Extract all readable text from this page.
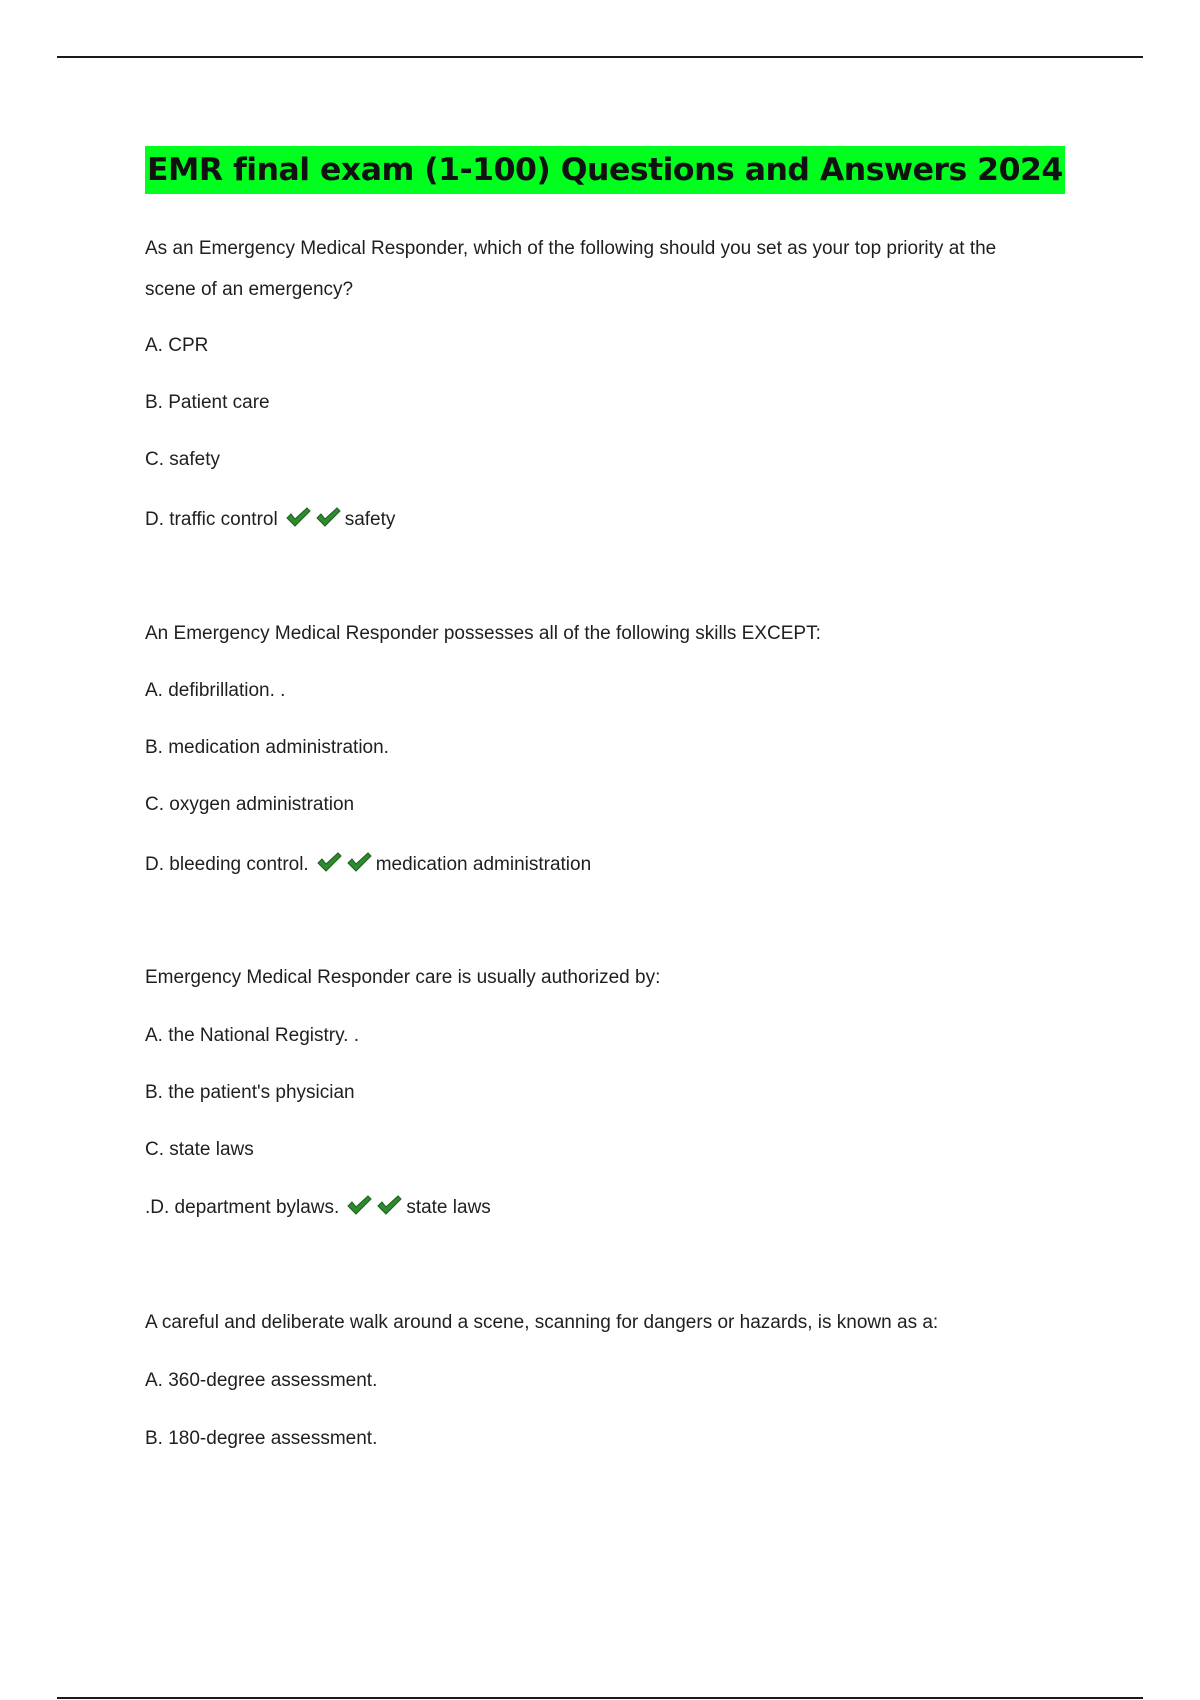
EMR final exam (1-100) Questions and Answers 2024
As an Emergency Medical Responder, which of the following should you set as your top priority at the
scene of an emergency?
A. CPR
B. Patient care
C. safety
D. traffic control	safety
An Emergency Medical Responder possesses all of the following skills EXCEPT:
A. defibrillation. .
B. medication administration.
C. oxygen administration
D. bleeding control.	medication administration
Emergency Medical Responder care is usually authorized by:
A. the National Registry. .
B. the patient's physician
C. state laws
.D. department bylaws.	state laws
A careful and deliberate walk around a scene, scanning for dangers or hazards, is known as a:
A. 360-degree assessment.
B. 180-degree assessment.
